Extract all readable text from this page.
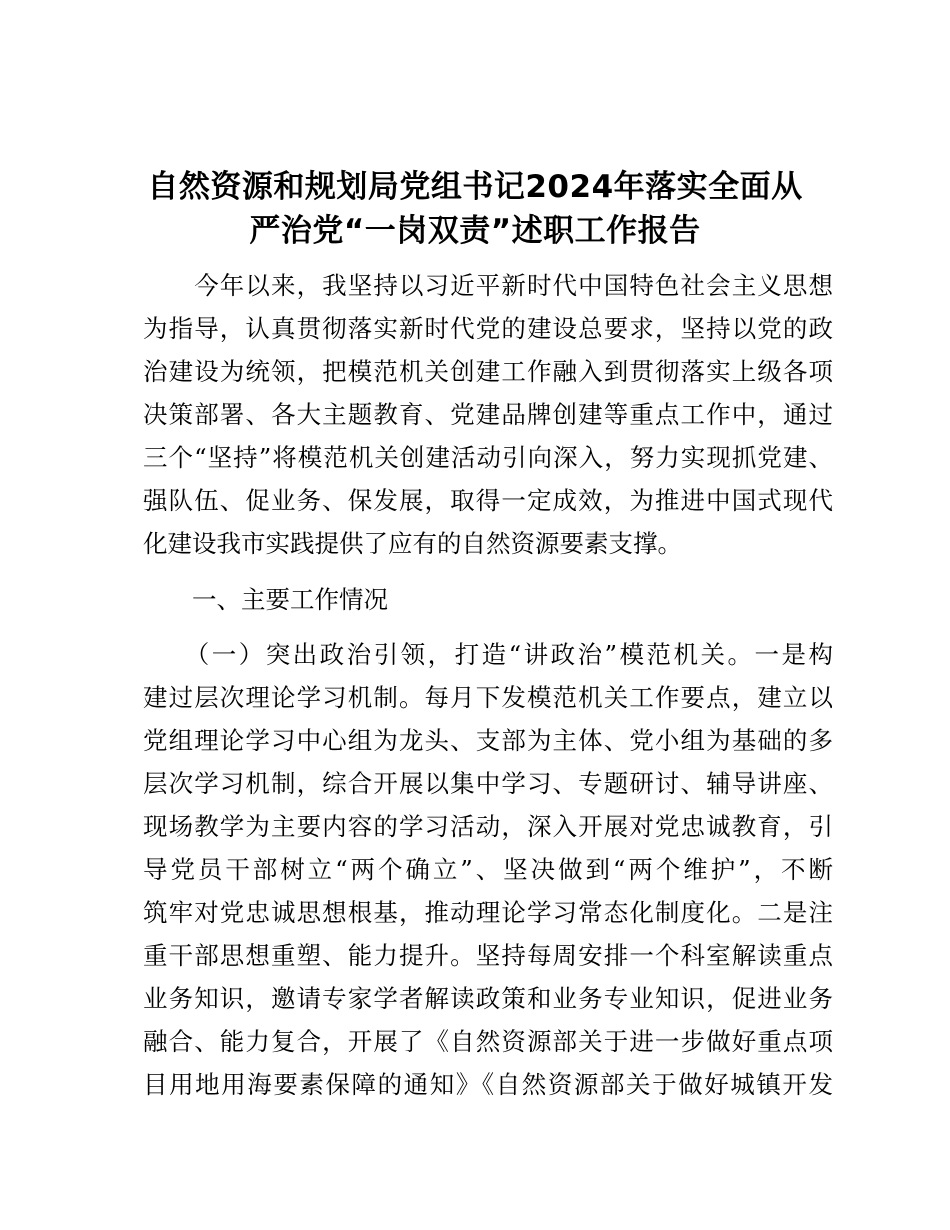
自然资源和规划局党组书记2024年落实全面从
严治党“一岗双责”述职工作报告
　　今年以来，我坚持以习近平新时代中国特色社会主义思想
为指导，认真贯彻落实新时代党的建设总要求，坚持以党的政
治建设为统领，把模范机关创建工作融入到贯彻落实上级各项
决策部署、各大主题教育、党建品牌创建等重点工作中，通过
三个“坚持”将模范机关创建活动引向深入，努力实现抓党建、
强队伍、促业务、保发展，取得一定成效，为推进中国式现代
化建设我市实践提供了应有的自然资源要素支撑。
　　一、主要工作情况
　　（一）突出政治引领，打造“讲政治”模范机关。一是构
建过层次理论学习机制。每月下发模范机关工作要点，建立以
党组理论学习中心组为龙头、支部为主体、党小组为基础的多
层次学习机制，综合开展以集中学习、专题研讨、辅导讲座、
现场教学为主要内容的学习活动，深入开展对党忠诚教育，引
导党员干部树立“两个确立”、坚决做到“两个维护”，不断
筑牢对党忠诚思想根基，推动理论学习常态化制度化。二是注
重干部思想重塑、能力提升。坚持每周安排一个科室解读重点
业务知识，邀请专家学者解读政策和业务专业知识，促进业务
融合、能力复合，开展了《自然资源部关于进一步做好重点项
目用地用海要素保障的通知》《自然资源部关于做好城镇开发
